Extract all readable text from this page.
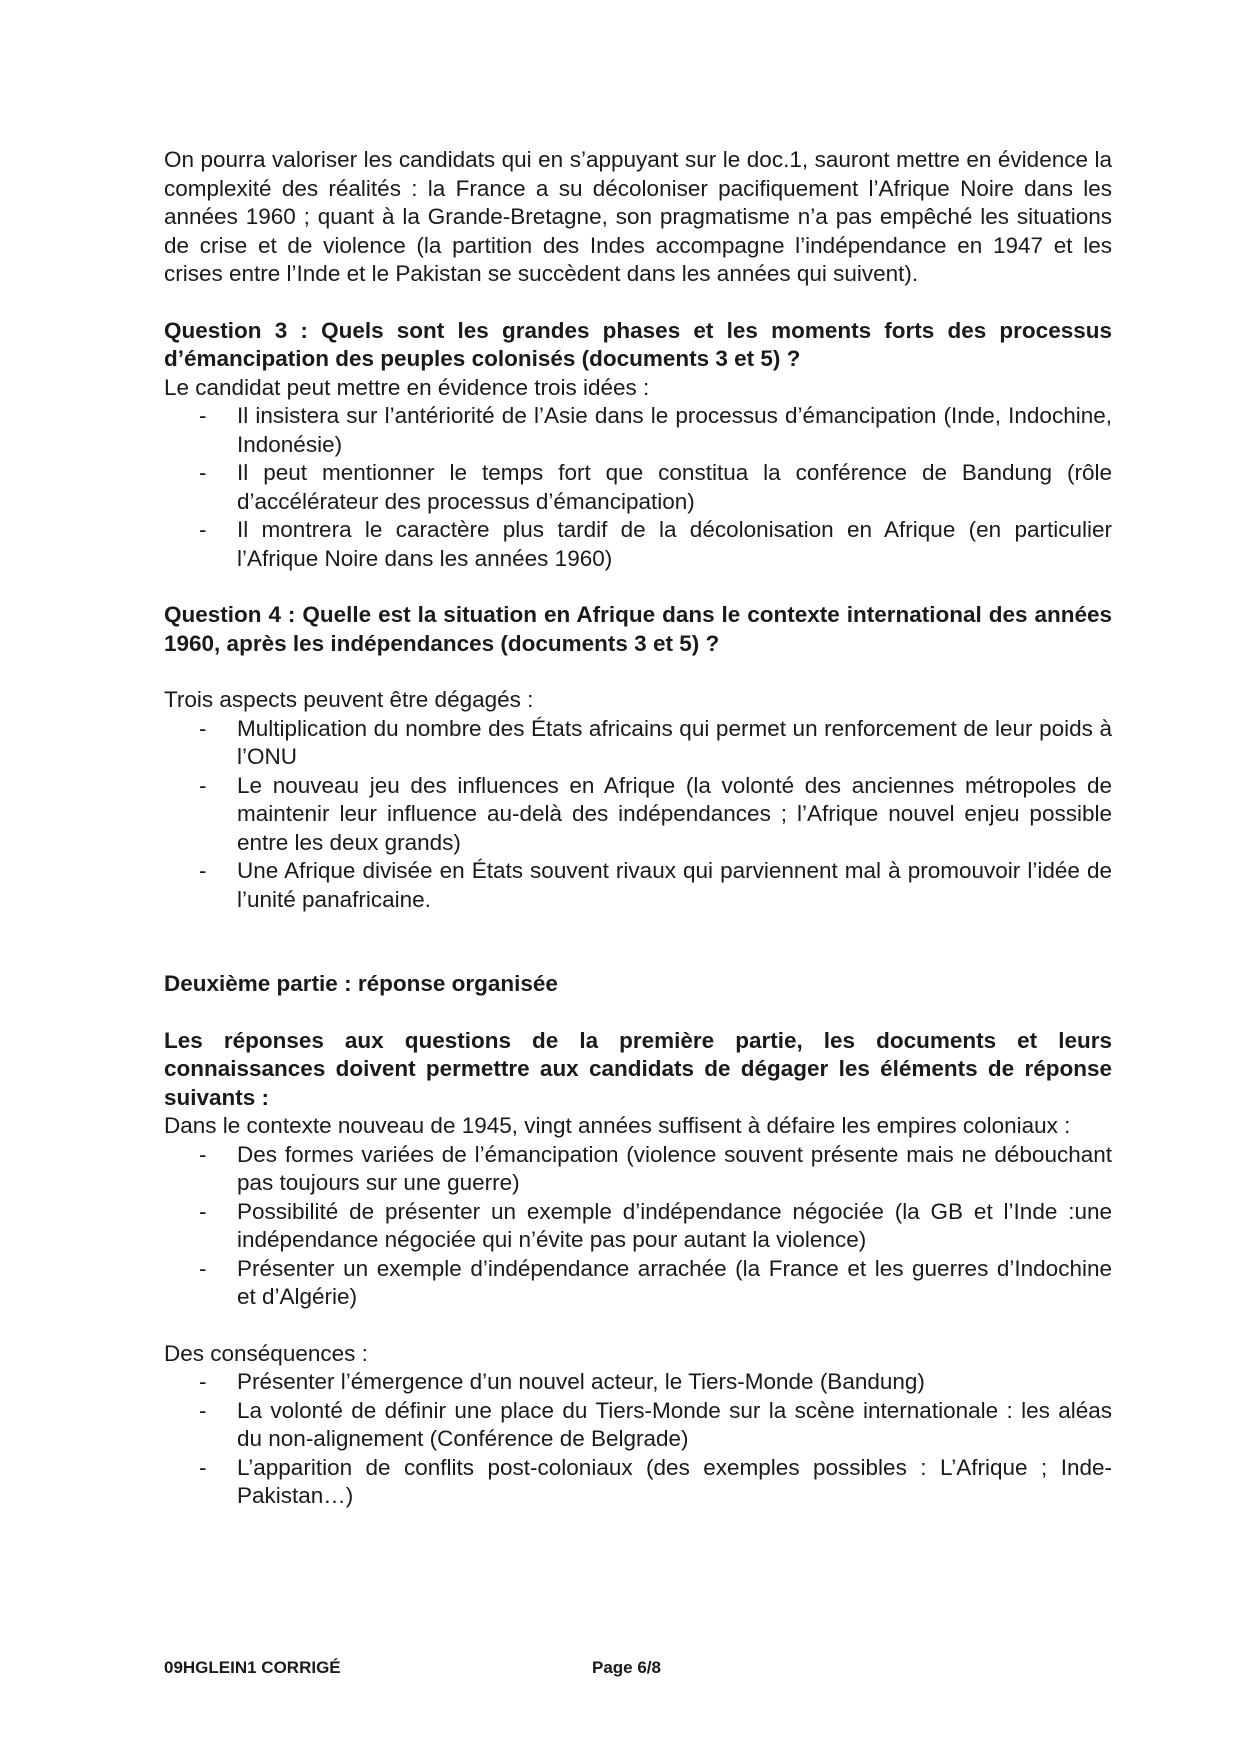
On pourra valoriser les candidats qui en s’appuyant sur le doc.1, sauront mettre en évidence la complexité des réalités : la France a su décoloniser pacifiquement l’Afrique Noire dans les années 1960 ; quant à la Grande-Bretagne, son pragmatisme n’a pas empêché les situations de crise et de violence (la partition des Indes accompagne l’indépendance en 1947 et les crises entre l’Inde et le Pakistan se succèdent dans les années qui suivent).

Question 3 : Quels sont les grandes phases et les moments forts des processus d’émancipation des peuples colonisés (documents 3 et 5) ?

Le candidat peut mettre en évidence trois idées :

- Il insistera sur l’antériorité de l’Asie dans le processus d’émancipation (Inde, Indochine, Indonésie)
- Il peut mentionner le temps fort que constitua la conférence de Bandung (rôle d’accélérateur des processus d’émancipation)
- Il montrera le caractère plus tardif de la décolonisation en Afrique (en particulier l’Afrique Noire dans les années 1960)

Question 4 : Quelle est la situation en Afrique dans le contexte international des années 1960, après les indépendances (documents 3 et 5) ?

Trois aspects peuvent être dégagés :

- Multiplication du nombre des États africains qui permet un renforcement de leur poids à l’ONU
- Le nouveau jeu des influences en Afrique (la volonté des anciennes métropoles de maintenir leur influence au-delà des indépendances ; l’Afrique nouvel enjeu possible entre les deux grands)
- Une Afrique divisée en États souvent rivaux qui parviennent mal à promouvoir l’idée de l’unité panafricaine.

Deuxième partie : réponse organisée

Les réponses aux questions de la première partie, les documents et leurs connaissances doivent permettre aux candidats de dégager les éléments de réponse suivants :

Dans le contexte nouveau de 1945, vingt années suffisent à défaire les empires coloniaux :

- Des formes variées de l’émancipation (violence souvent présente mais ne débouchant pas toujours sur une guerre)
- Possibilité de présenter un exemple d’indépendance négociée (la GB et l’Inde :une indépendance négociée qui n’évite pas pour autant la violence)
- Présenter un exemple d’indépendance arrachée (la France et les guerres d’Indochine et d’Algérie)

Des conséquences :

- Présenter l’émergence d’un nouvel acteur, le Tiers-Monde (Bandung)
- La volonté de définir une place du Tiers-Monde sur la scène internationale : les aléas du non-alignement (Conférence de Belgrade)
- L’apparition de conflits post-coloniaux (des exemples possibles : L’Afrique ; Inde-Pakistan…)
09HGLEIN1 CORRIGÉ	Page 6/8
